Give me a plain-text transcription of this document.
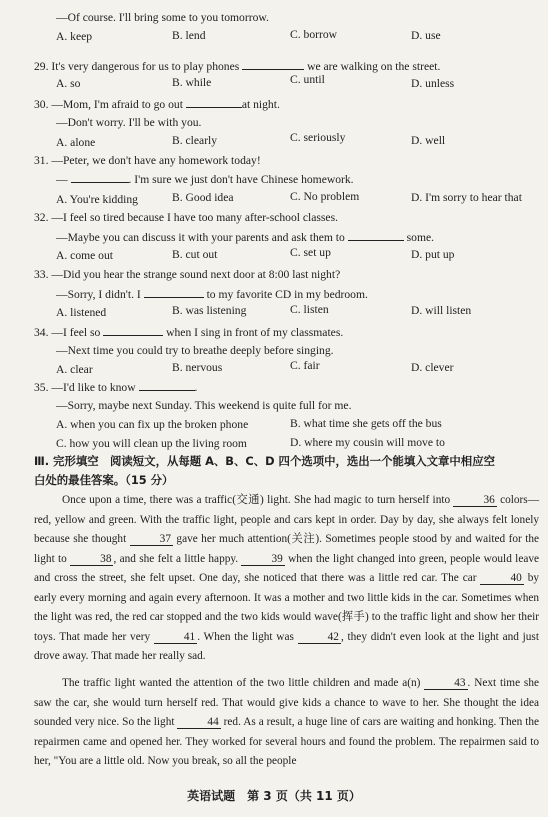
—Of course. I'll bring some to you tomorrow.
A. keep	B. lend	C. borrow	D. use
29. It's very dangerous for us to play phones	we are walking on the street.
A. so	B. while	C. until	D. unless
30. —Mom, I'm afraid to go out	at night.
—Don't worry. I'll be with you.
A. alone	B. clearly	C. seriously	D. well
31. —Peter, we don't have any homework today!
—	. I'm sure we just don't have Chinese homework.
A. You're kidding	B. Good idea	C. No problem	D. I'm sorry to hear that
32. —I feel so tired because I have too many after-school classes.
—Maybe you can discuss it with your parents and ask them to	some.
A. come out	B. cut out	C. set up	D. put up
33. —Did you hear the strange sound next door at 8:00 last night?
—Sorry, I didn't. I	to my favorite CD in my bedroom.
A. listened	B. was listening	C. listen	D. will listen
34. —I feel so	when I sing in front of my classmates.
—Next time you could try to breathe deeply before singing.
A. clear	B. nervous	C. fair	D. clever
35. —I'd like to know	.
—Sorry, maybe next Sunday. This weekend is quite full for me.
A. when you can fix up the broken phone	B. what time she gets off the bus
C. how you will clean up the living room	D. where my cousin will move to
Ⅲ. 完形填空　阅读短文，从每题 A、B、C、D 四个选项中，选出一个能填入文章中相应空
白处的最佳答案。（15 分）
Once upon a time, there was a traffic(交通) light. She had magic to turn herself into	36 colors—red, yellow and green. With the traffic light, people and cars kept in order. Day by day, she always felt lonely because she thought	37 gave her much attention(关注). Sometimes people stood by and waited for the light to	38 , and she felt a little happy.	39 when the light changed into green, people would leave and cross the street, she felt upset. One day, she noticed that there was a little red car. The car	40 by early every morning and again every afternoon. It was a mother and two little kids in the car. Sometimes when the light was red, the red car stopped and the two kids would wave(挥手) to the traffic light and show her their toys. That made her very	41 . When the light was	42 , they didn't even look at the light and just drove away. That made her really sad.
The traffic light wanted the attention of the two little children and made a(n)	43 . Next time she saw the car, she would turn herself red. That would give kids a chance to wave to her. She thought the idea sounded very nice. So the light	44 red. As a result, a huge line of cars are waiting and honking. Then the repairmen came and opened her. They worked for several hours and found the problem. The repairmen said to her, "You are a little old. Now you break, so all the people
英语试题　第 3 页（共 11 页）
